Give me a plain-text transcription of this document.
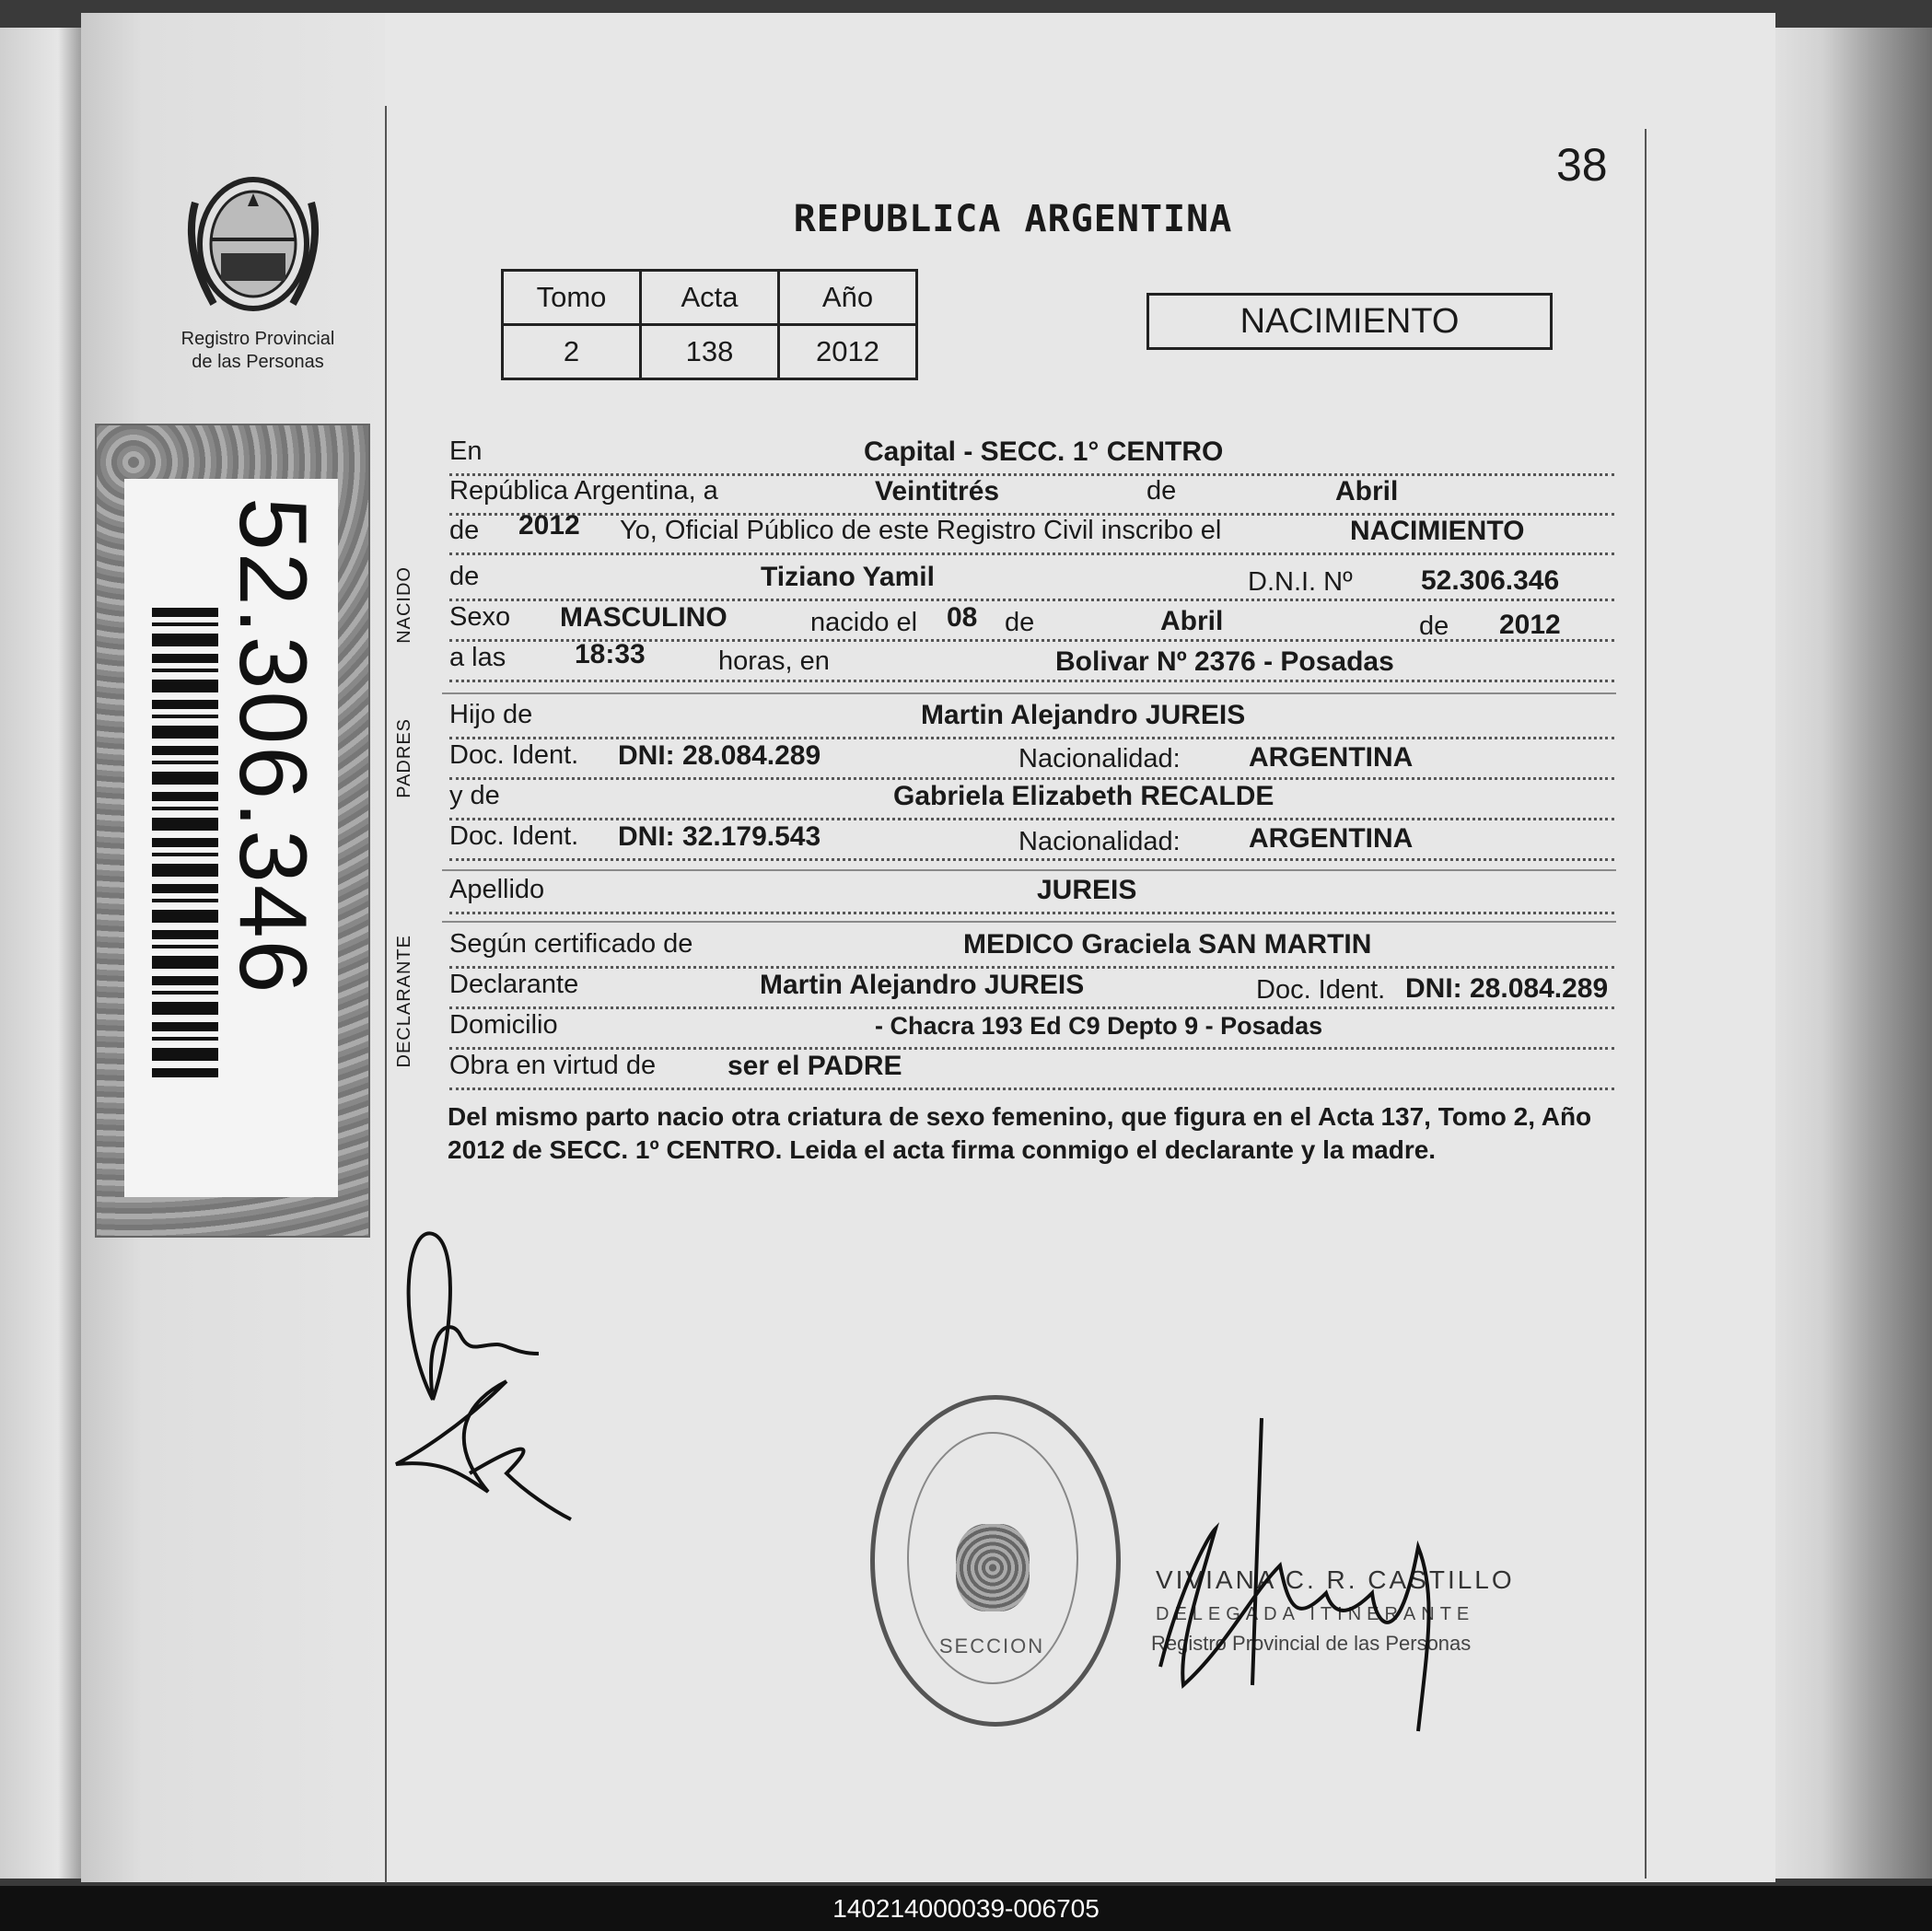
Registro Provincial
de las Personas
52.306.346
38
REPUBLICA ARGENTINA
Tomo	Acta	Año
2	138	2012
NACIMIENTO
En	Capital - SECC. 1° CENTRO
República Argentina, a	Veintitrés	de	Abril
de 2012 Yo, Oficial Público de este Registro Civil inscribo el	NACIMIENTO
de	Tiziano Yamil	D.N.I. Nº 52.306.346
Sexo MASCULINO	nacido el 08 de	Abril	de 2012
a las 18:33	horas, en	Bolivar Nº 2376 - Posadas
Hijo de	Martin Alejandro JUREIS
Doc. Ident. DNI: 28.084.289	Nacionalidad: ARGENTINA
y de	Gabriela Elizabeth RECALDE
Doc. Ident. DNI: 32.179.543	Nacionalidad: ARGENTINA
Apellido	JUREIS
Según certificado de	MEDICO Graciela SAN MARTIN
Declarante	Martin Alejandro JUREIS	Doc. Ident. DNI: 28.084.289
Domicilio	- Chacra 193 Ed C9 Depto 9 - Posadas
Obra en virtud de	ser el PADRE
NACIDO
PADRES
DECLARANTE
Del mismo parto nacio otra criatura de sexo femenino, que figura en el Acta 137, Tomo 2, Año 2012 de SECC. 1º CENTRO. Leida el acta firma conmigo el declarante y la madre.
SECCION
VIVIANA C. R. CASTILLO
DELEGADA ITINERANTE
Registro Provincial de las Personas
140214000039-006705
